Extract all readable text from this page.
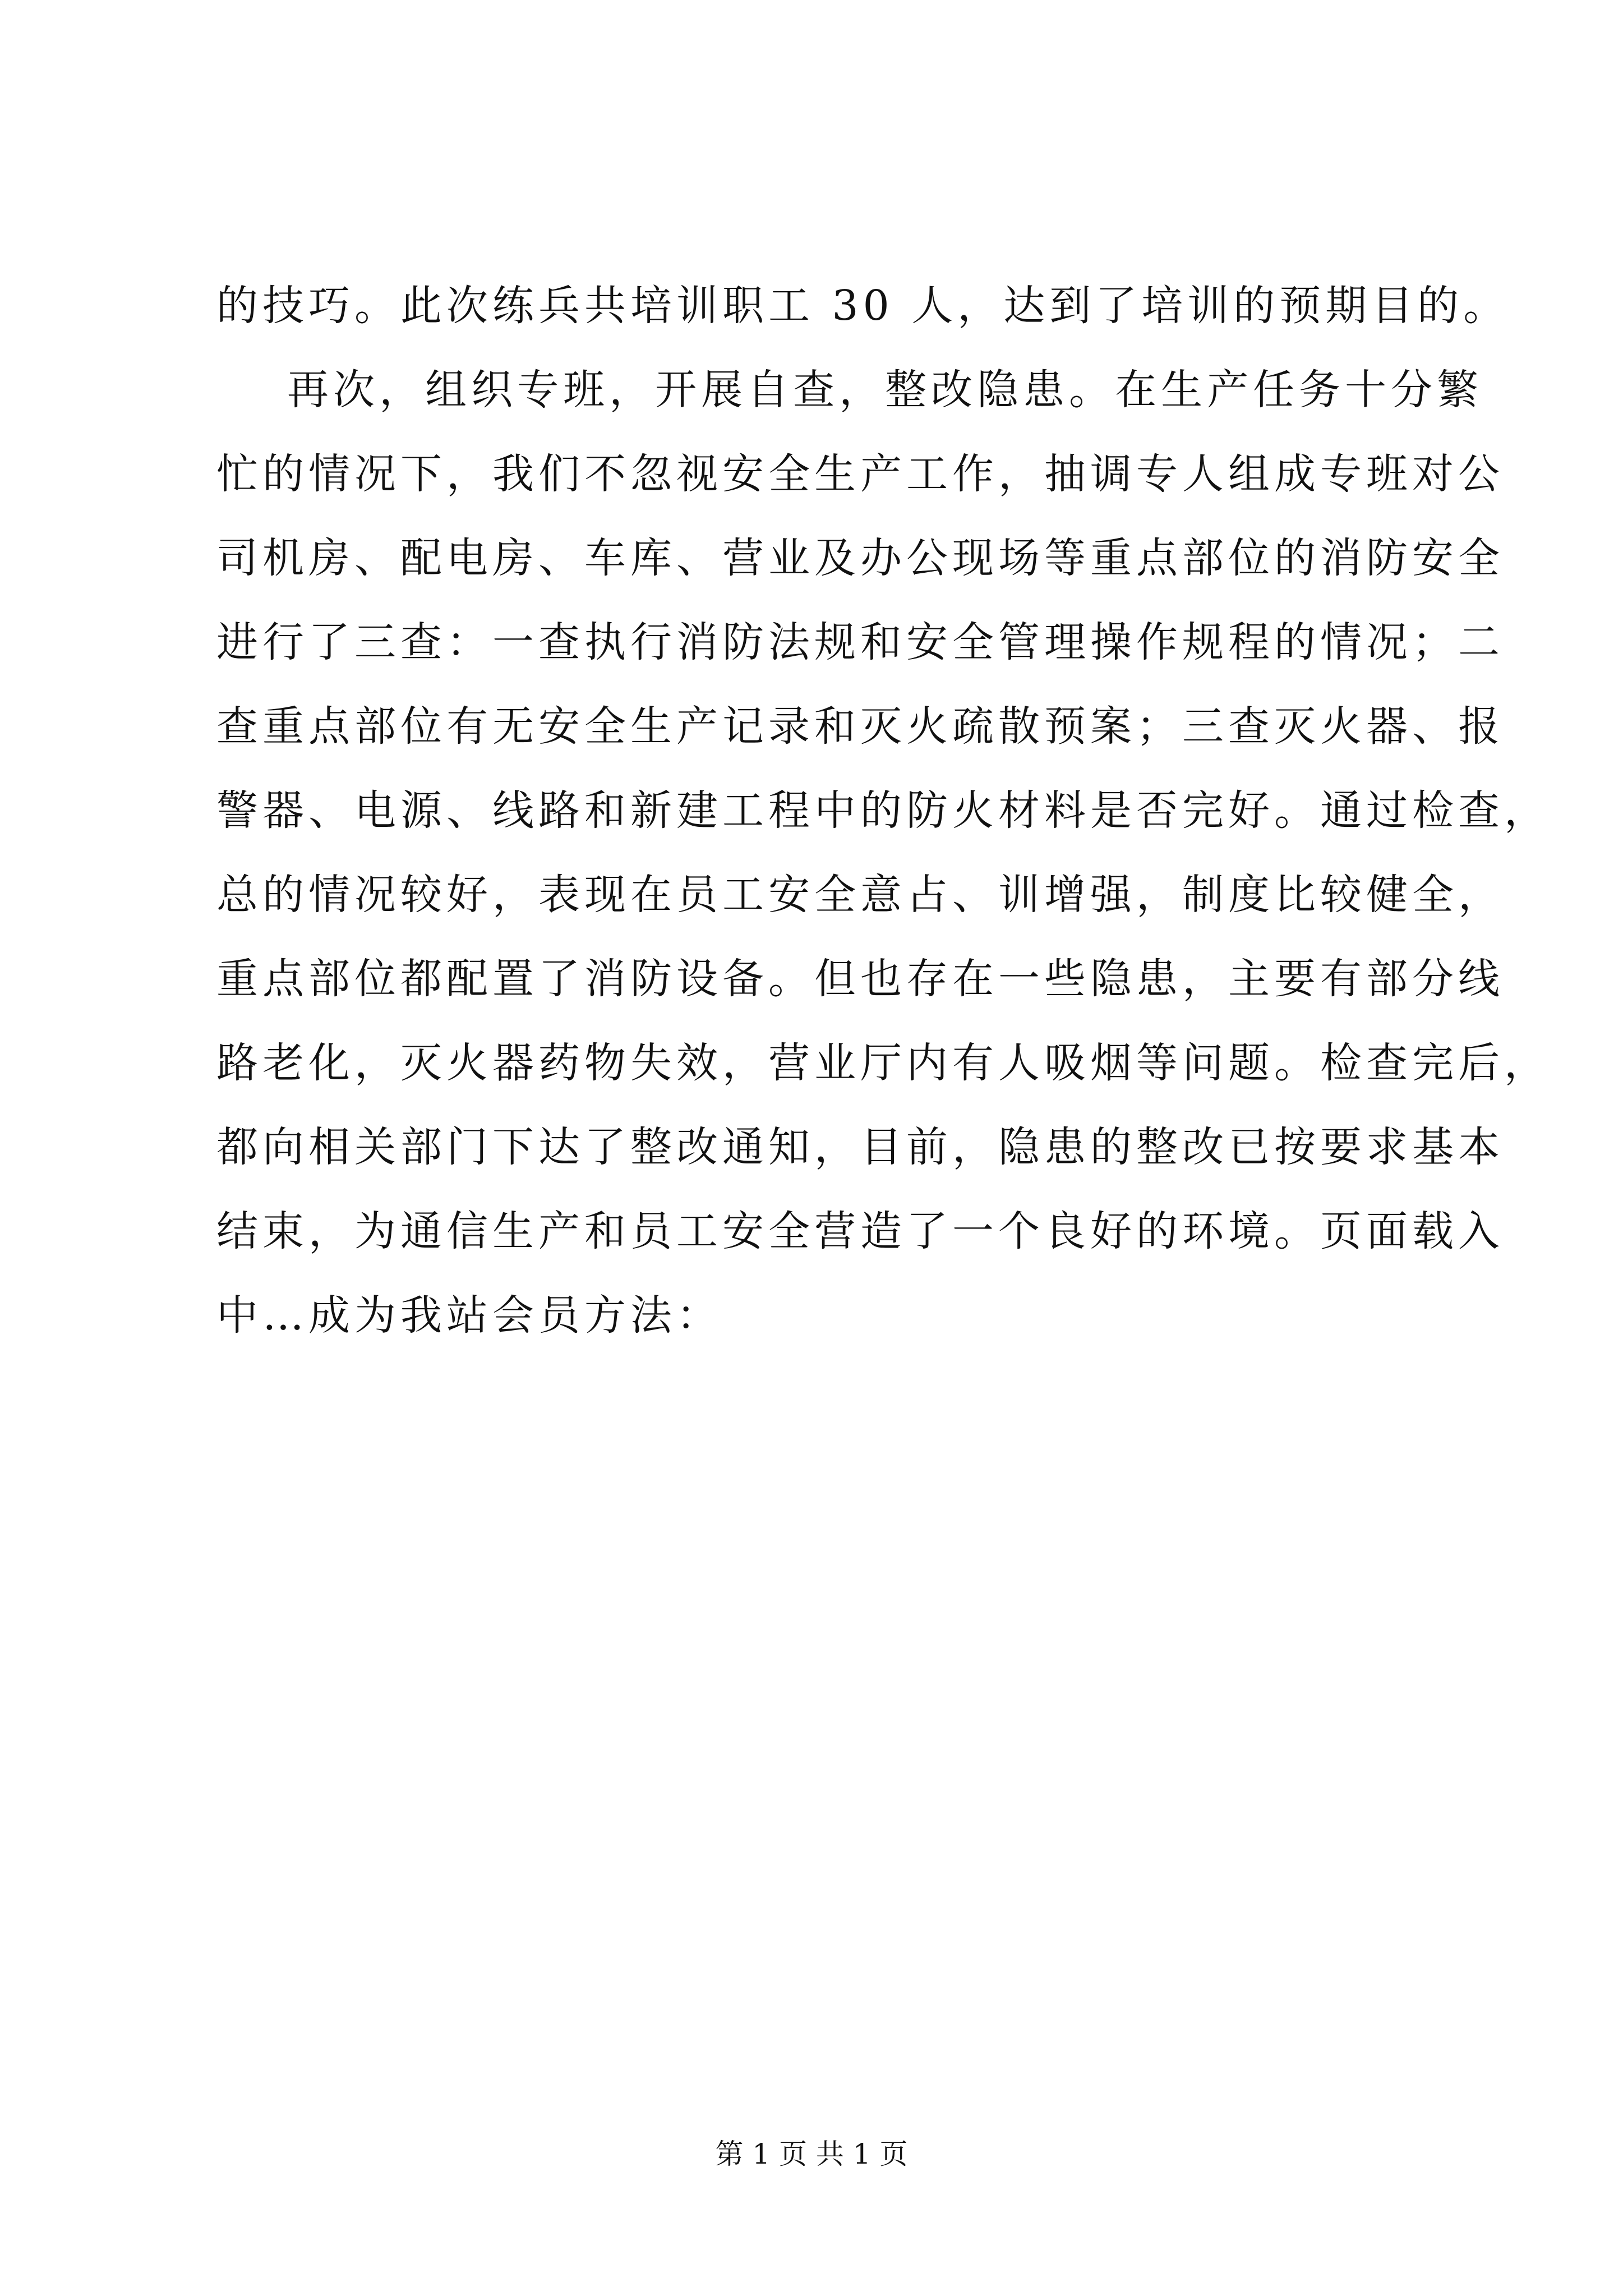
的技巧。此次练兵共培训职工 30 人，达到了培训的预期目的。
再次，组织专班，开展自查，整改隐患。在生产任务十分繁
忙的情况下，我们不忽视安全生产工作，抽调专人组成专班对公
司机房、配电房、车库、营业及办公现场等重点部位的消防安全
进行了三查：一查执行消防法规和安全管理操作规程的情况；二
查重点部位有无安全生产记录和灭火疏散预案；三查灭火器、报
警器、电源、线路和新建工程中的防火材料是否完好。通过检查，
总的情况较好，表现在员工安全意占、训增强，制度比较健全，
重点部位都配置了消防设备。但也存在一些隐患，主要有部分线
路老化，灭火器药物失效，营业厅内有人吸烟等问题。检查完后，
都向相关部门下达了整改通知，目前，隐患的整改已按要求基本
结束，为通信生产和员工安全营造了一个良好的环境。页面载入
中…成为我站会员方法：
第 1 页 共 1 页
